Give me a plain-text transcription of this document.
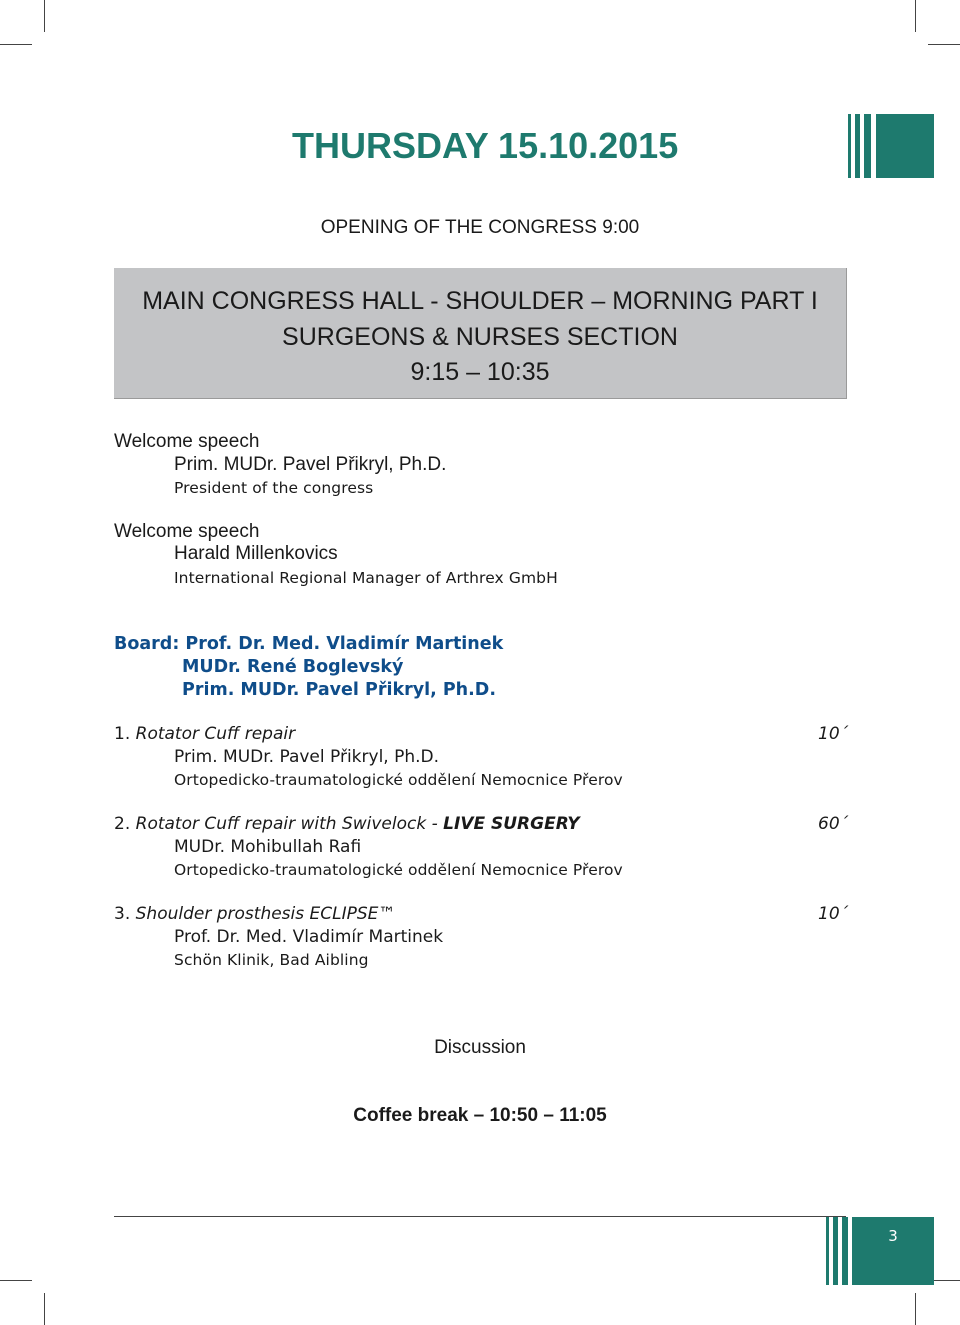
THURSDAY 15.10.2015
OPENING OF THE CONGRESS 9:00
MAIN CONGRESS HALL - SHOULDER – MORNING PART I
SURGEONS & NURSES SECTION
9:15 – 10:35
Welcome speech
Prim. MUDr. Pavel Přikryl, Ph.D.
President of the congress
Welcome speech
Harald Millenkovics
International Regional Manager of Arthrex GmbH
Board: Prof. Dr. Med. Vladimír Martinek
MUDr. René Boglevský
Prim. MUDr. Pavel Přikryl, Ph.D.
1. Rotator Cuff repair	10´
Prim. MUDr. Pavel Přikryl, Ph.D.
Ortopedicko-traumatologické oddělení Nemocnice Přerov
2. Rotator Cuff repair with Swivelock - LIVE SURGERY	60´
MUDr. Mohibullah Rafi
Ortopedicko-traumatologické oddělení Nemocnice Přerov
3. Shoulder prosthesis ECLIPSE™	10´
Prof. Dr. Med. Vladimír Martinek
Schön Klinik, Bad Aibling
Discussion
Coffee break – 10:50 – 11:05
3
